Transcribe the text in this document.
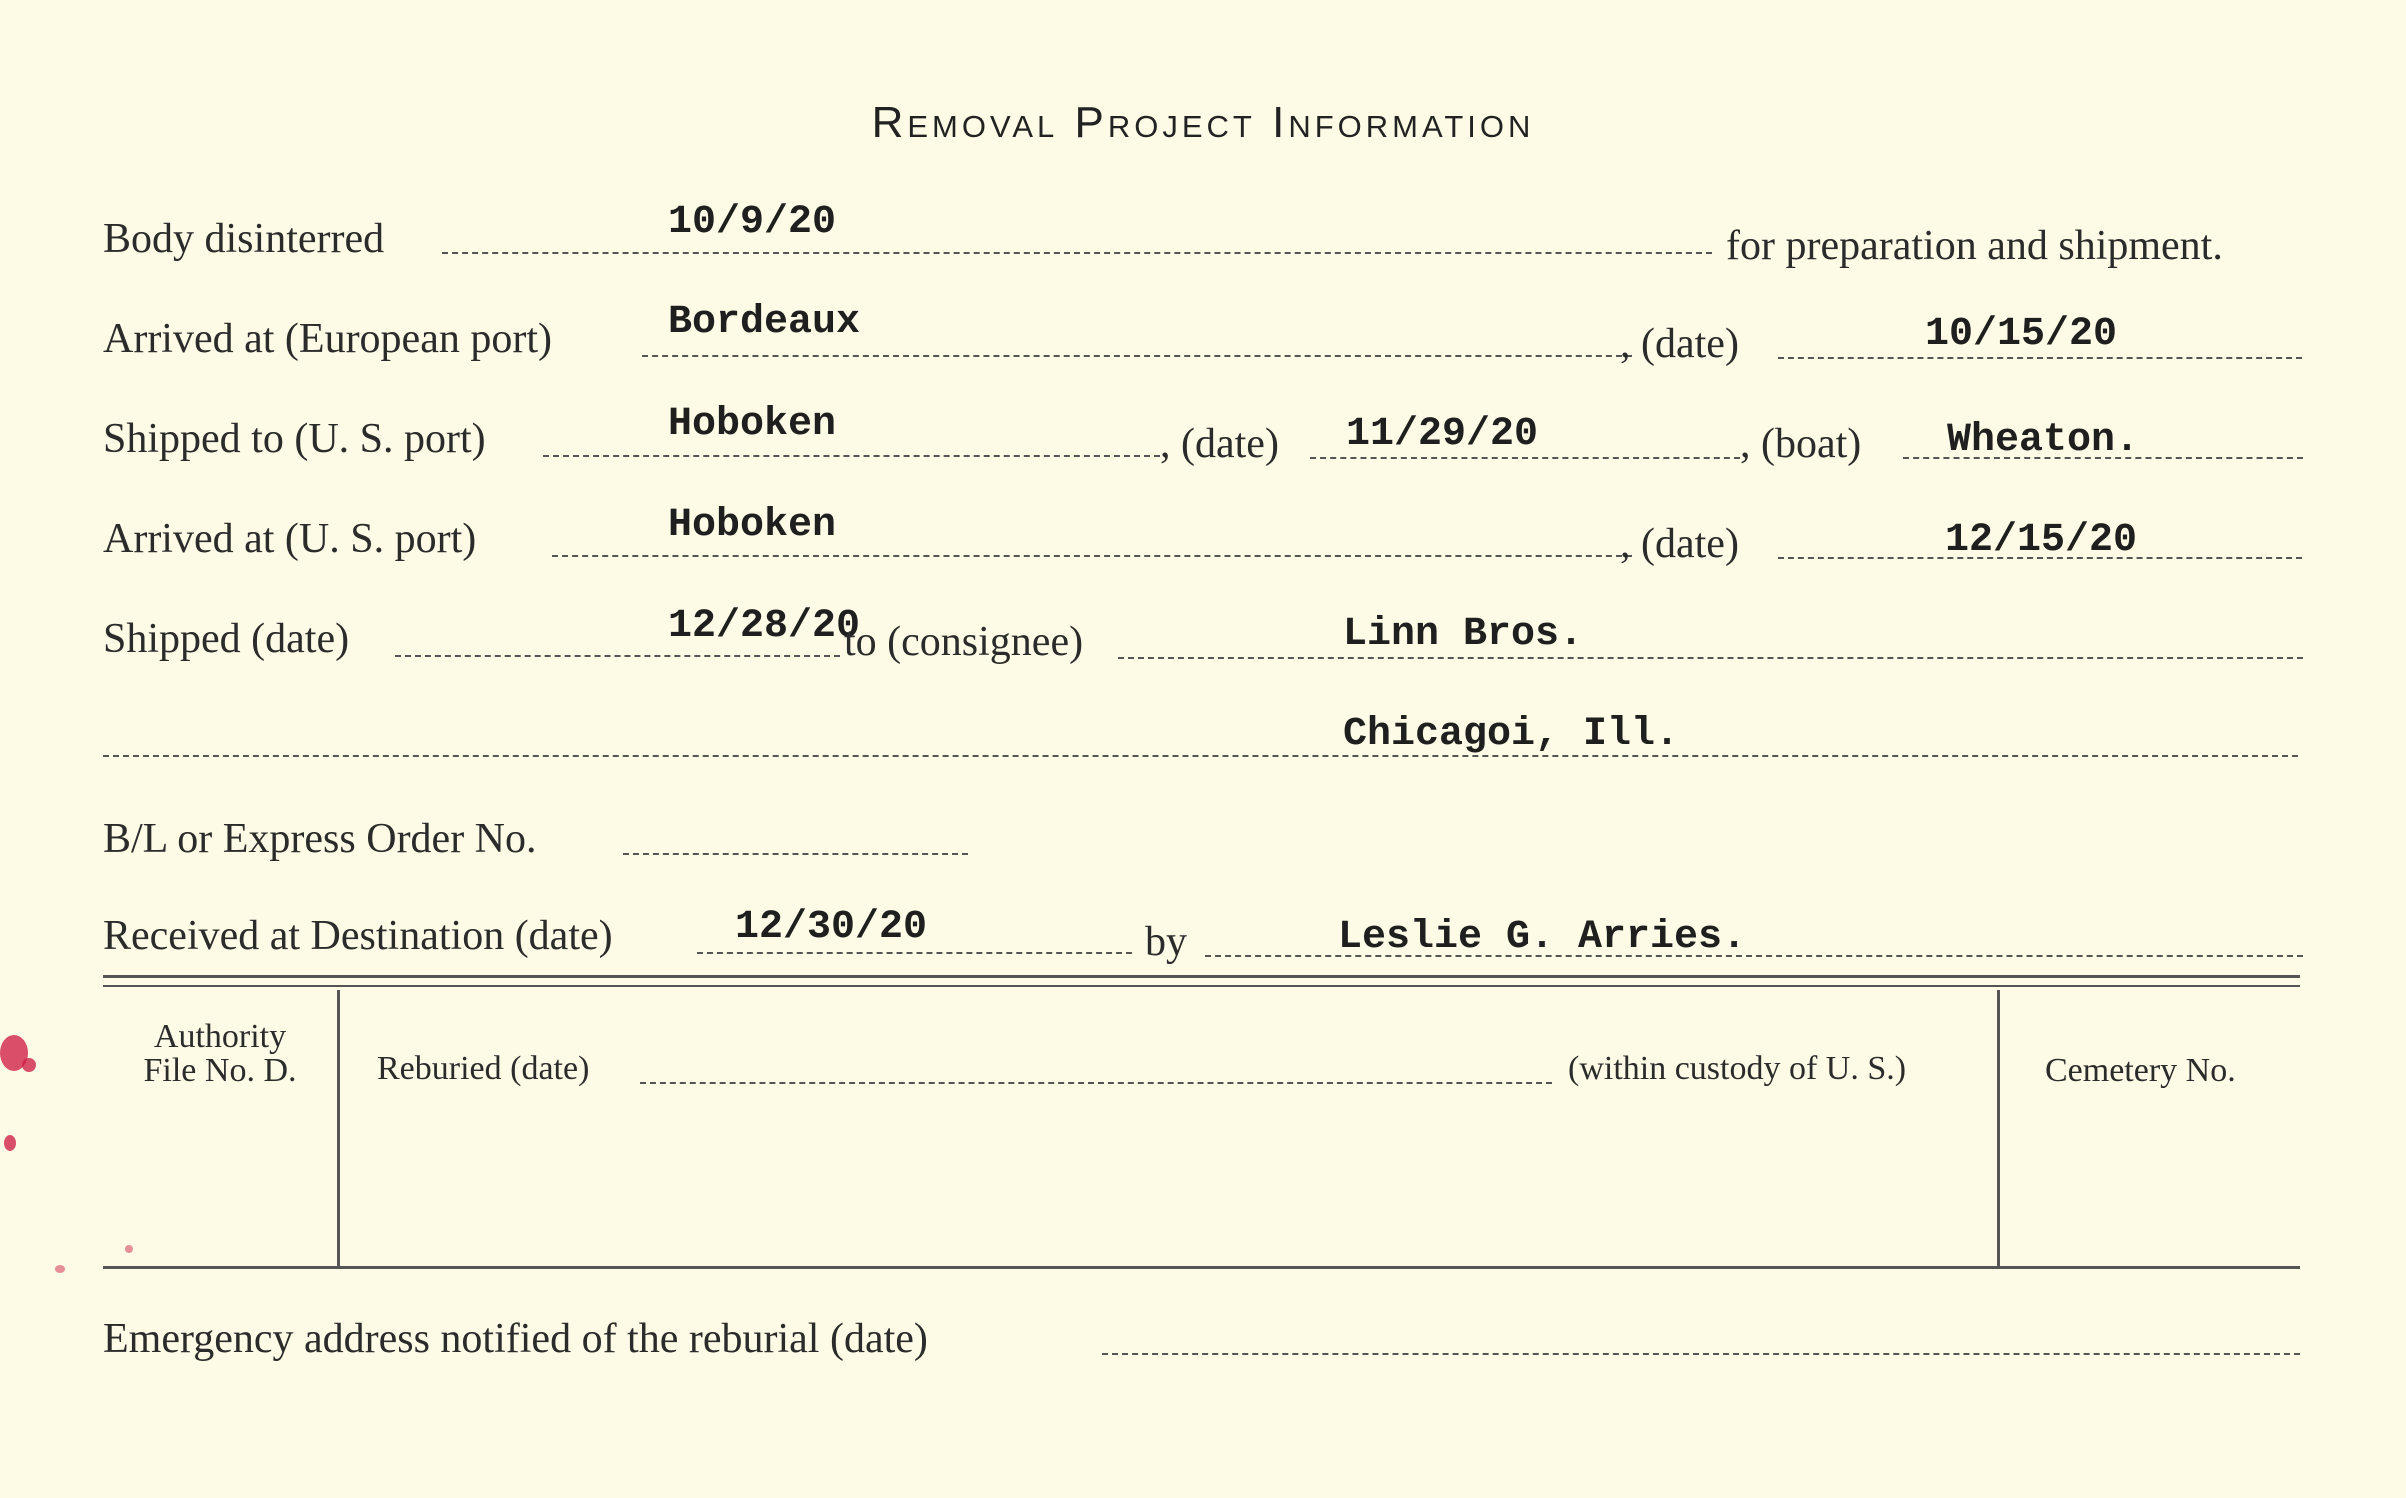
Removal Project Information
Body disinterred	10/9/20
for preparation and shipment.
Arrived at (European port)	Bordeaux	, (date)	10/15/20
Shipped to (U. S. port)	Hoboken	, (date) 11/29/20	, (boat) Wheaton.
Arrived at (U. S. port)	Hoboken	, (date)	12/15/20
Shipped (date)	12/28/20
to (consignee)	Linn Bros.
Chicagoi, Ill.
B/L or Express Order No.
Received at Destination (date)	12/30/20	by	Leslie G. Arries.
Authority
File No. D.	Reburied (date)	(within custody of U. S.)	Cemetery No.
Emergency address notified of the reburial (date)
